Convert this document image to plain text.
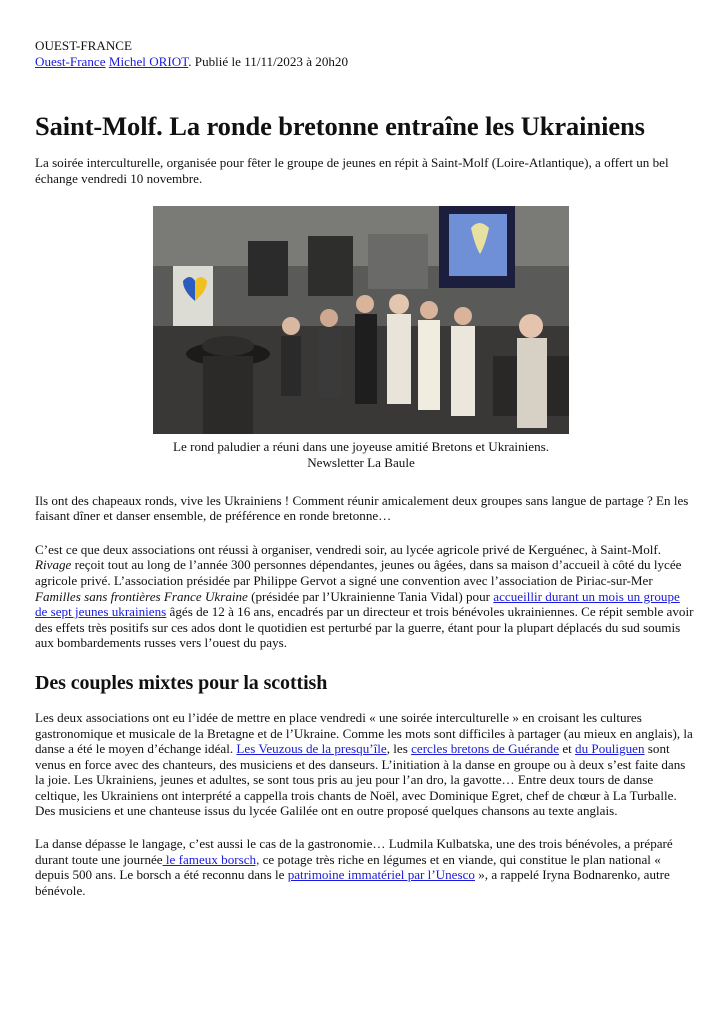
OUEST-FRANCE

Ouest-France Michel ORIOT. Publié le 11/11/2023 à 20h20

Saint-Molf. La ronde bretonne entraîne les Ukrainiens

La soirée interculturelle, organisée pour fêter le groupe de jeunes en répit à Saint-Molf (Loire-Atlantique), a offert un bel échange vendredi 10 novembre.

Le rond paludier a réuni dans une joyeuse amitié Bretons et Ukrainiens.
Newsletter La Baule

Ils ont des chapeaux ronds, vive les Ukrainiens ! Comment réunir amicalement deux groupes sans langue de partage ? En les faisant dîner et danser ensemble, de préférence en ronde bretonne…

C’est ce que deux associations ont réussi à organiser, vendredi soir, au lycée agricole privé de Kerguénec, à Saint-Molf. Rivage reçoit tout au long de l’année 300 personnes dépendantes, jeunes ou âgées, dans sa maison d’accueil à côté du lycée agricole privé. L’association présidée par Philippe Gervot a signé une convention avec l’association de Piriac-sur-Mer Familles sans frontières France Ukraine (présidée par l’Ukrainienne Tania Vidal) pour accueillir durant un mois un groupe de sept jeunes ukrainiens âgés de 12 à 16 ans, encadrés par un directeur et trois bénévoles ukrainiennes. Ce répit semble avoir des effets très positifs sur ces ados dont le quotidien est perturbé par la guerre, étant pour la plupart déplacés du sud soumis aux bombardements russes vers l’ouest du pays.

Des couples mixtes pour la scottish

Les deux associations ont eu l’idée de mettre en place vendredi « une soirée interculturelle » en croisant les cultures gastronomique et musicale de la Bretagne et de l’Ukraine. Comme les mots sont difficiles à partager (au mieux en anglais), la danse a été le moyen d’échange idéal. Les Veuzous de la presqu’île, les cercles bretons de Guérande et du Pouliguen sont venus en force avec des chanteurs, des musiciens et des danseurs. L’initiation à la danse en groupe ou à deux s’est faite dans la joie. Les Ukrainiens, jeunes et adultes, se sont tous pris au jeu pour l’an dro, la gavotte… Entre deux tours de danse celtique, les Ukrainiens ont interprété a cappella trois chants de Noël, avec Dominique Egret, chef de chœur à La Turballe. Des musiciens et une chanteuse issus du lycée Galilée ont en outre proposé quelques chansons au texte anglais.

La danse dépasse le langage, c’est aussi le cas de la gastronomie… Ludmila Kulbatska, une des trois bénévoles, a préparé durant toute une journée le fameux borsch, ce potage très riche en légumes et en viande, qui constitue le plan national « depuis 500 ans. Le borsch a été reconnu dans le patrimoine immatériel par l’Unesco », a rappelé Iryna Bodnarenko, autre bénévole.
